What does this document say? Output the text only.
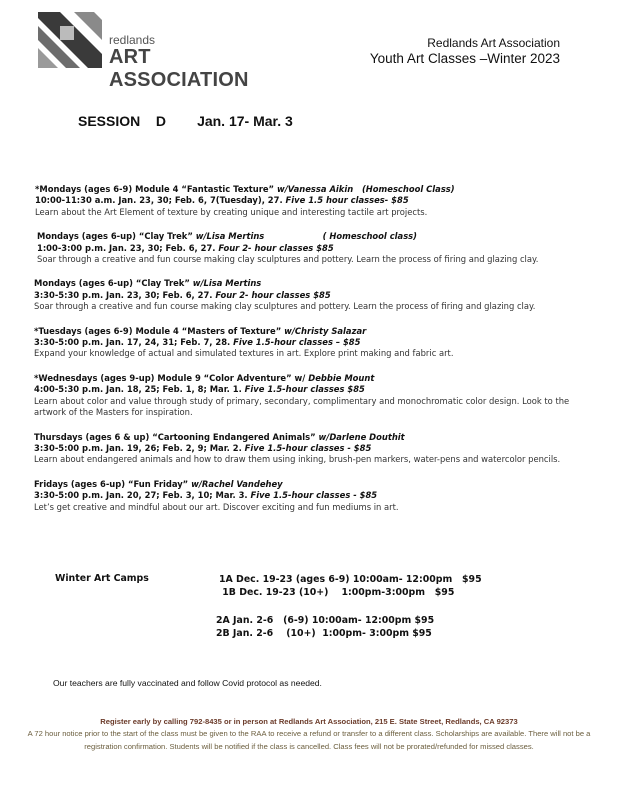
redlands
ART ASSOCIATION
Redlands Art Association
Youth Art Classes –Winter 2023
SESSION D Jan. 17- Mar. 3
*Mondays (ages 6-9) Module 4 “Fantastic Texture” w/Vanessa Aikin   (Homeschool Class)
10:00-11:30 a.m. Jan. 23, 30; Feb. 6, 7(Tuesday), 27. Five 1.5 hour classes- $85
Learn about the Art Element of texture by creating unique and interesting tactile art projects.
Mondays (ages 6-up) “Clay Trek” w/Lisa Mertins                    ( Homeschool class)
1:00-3:00 p.m. Jan. 23, 30; Feb. 6, 27. Four 2- hour classes $85
Soar through a creative and fun course making clay sculptures and pottery. Learn the process of firing and glazing clay.
Mondays (ages 6-up) “Clay Trek” w/Lisa Mertins
3:30-5:30 p.m. Jan. 23, 30; Feb. 6, 27. Four 2- hour classes $85
Soar through a creative and fun course making clay sculptures and pottery. Learn the process of firing and glazing clay.
*Tuesdays (ages 6-9) Module 4 “Masters of Texture” w/Christy Salazar
3:30-5:00 p.m. Jan. 17, 24, 31; Feb. 7, 28. Five 1.5-hour classes – $85
Expand your knowledge of actual and simulated textures in art. Explore print making and fabric art.
*Wednesdays (ages 9-up) Module 9 “Color Adventure” w/ Debbie Mount
4:00-5:30 p.m. Jan. 18, 25; Feb. 1, 8; Mar. 1. Five 1.5-hour classes $85
Learn about color and value through study of primary, secondary, complimentary and monochromatic color design. Look to the artwork of the Masters for inspiration.
Thursdays (ages 6 & up) “Cartooning Endangered Animals” w/Darlene Douthit
3:30-5:00 p.m. Jan. 19, 26; Feb. 2, 9; Mar. 2. Five 1.5-hour classes - $85
Learn about endangered animals and how to draw them using inking, brush-pen markers, water-pens and watercolor pencils.
Fridays (ages 6-up) “Fun Friday” w/Rachel Vandehey
3:30-5:00 p.m. Jan. 20, 27; Feb. 3, 10; Mar. 3. Five 1.5-hour classes - $85
Let’s get creative and mindful about our art. Discover exciting and fun mediums in art.
Winter Art Camps	1A Dec. 19-23 (ages 6-9) 10:00am- 12:00pm   $95
1B Dec. 19-23 (10+)    1:00pm-3:00pm   $95
2A Jan. 2-6   (6-9) 10:00am- 12:00pm $95
2B Jan. 2-6    (10+)  1:00pm- 3:00pm $95
Our teachers are fully vaccinated and follow Covid protocol as needed.
Register early by calling 792-8435 or in person at Redlands Art Association, 215 E. State Street, Redlands, CA 92373
A 72 hour notice prior to the start of the class must be given to the RAA to receive a refund or transfer to a different class. Scholarships are available. There will not be a registration confirmation. Students will be notified if the class is cancelled. Class fees will not be prorated/refunded for missed classes.
